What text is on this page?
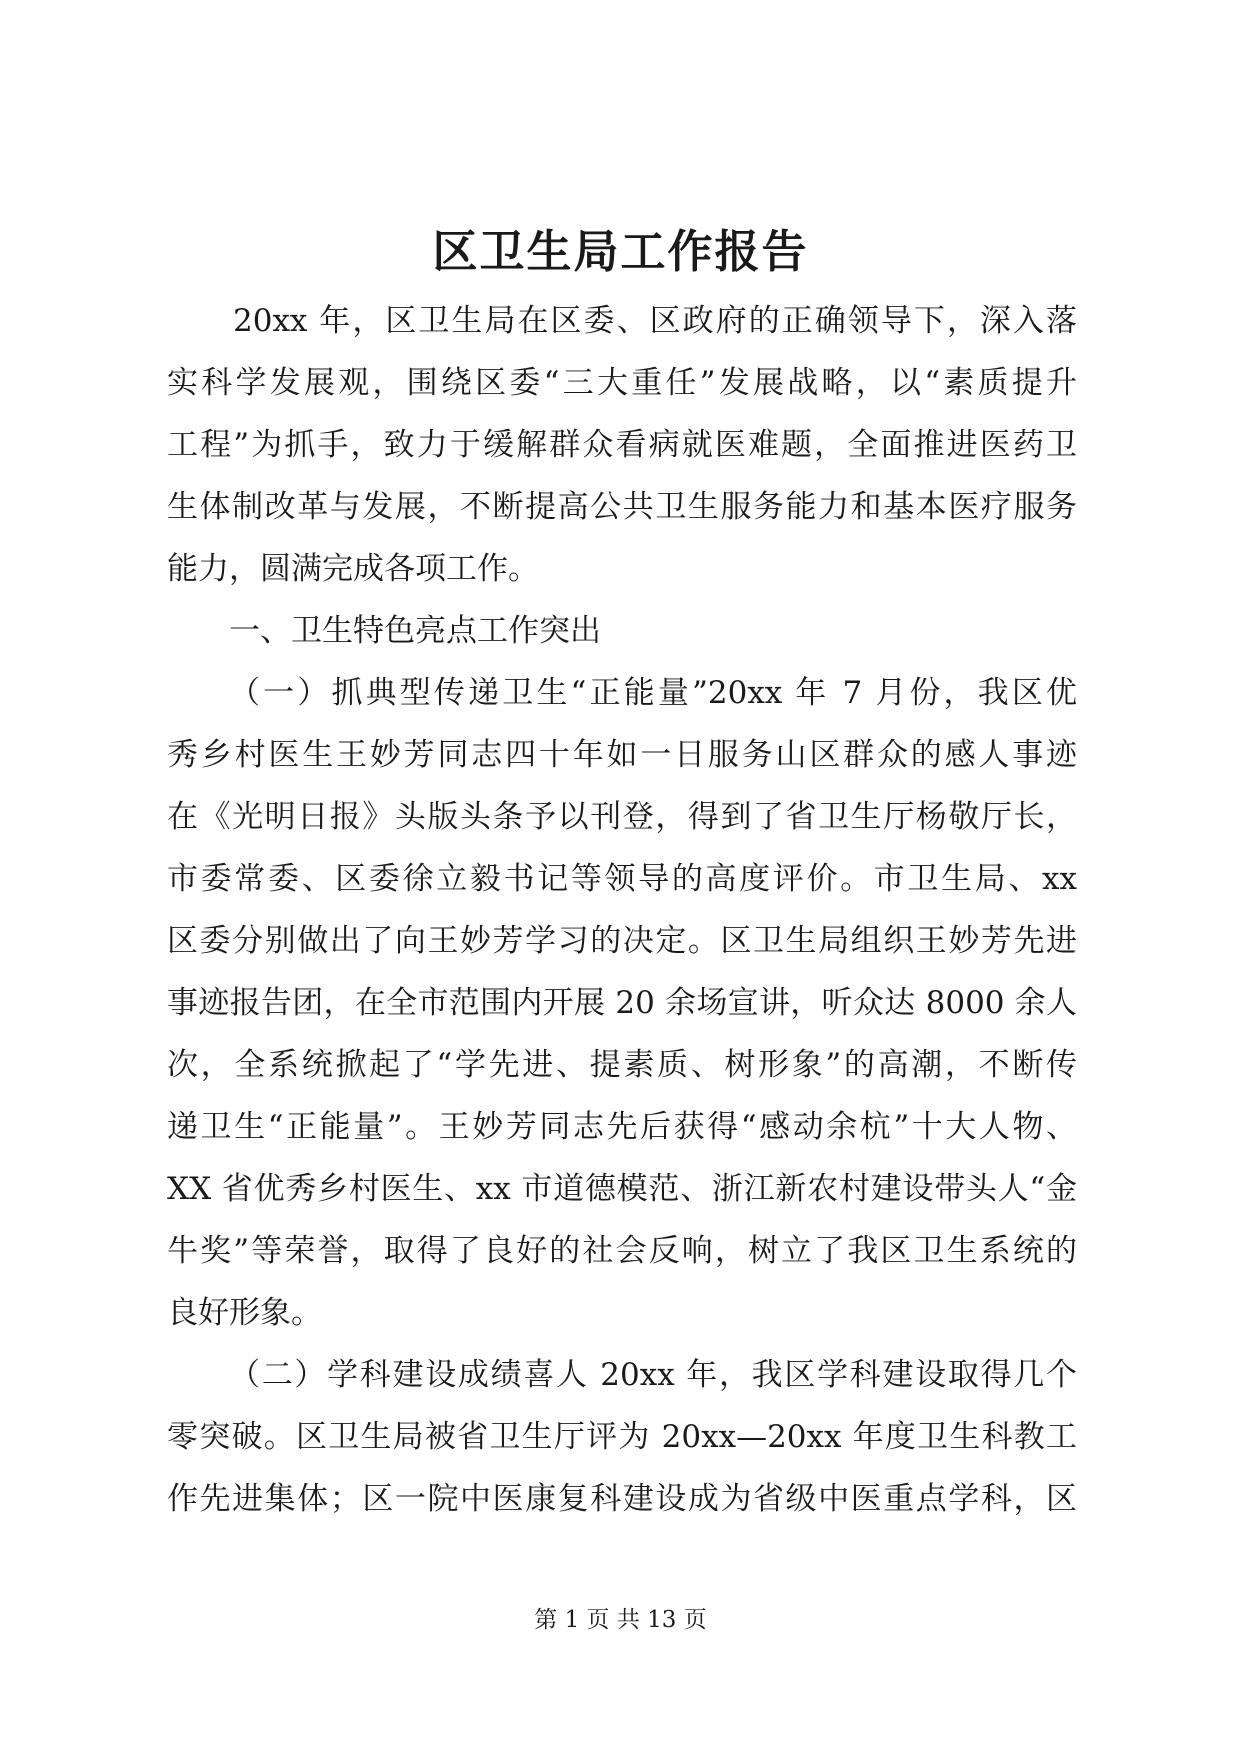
区卫生局工作报告
20xx 年，区卫生局在区委、区政府的正确领导下，深入落
实科学发展观，围绕区委“三大重任”发展战略，以“素质提升
工程”为抓手，致力于缓解群众看病就医难题，全面推进医药卫
生体制改革与发展，不断提高公共卫生服务能力和基本医疗服务
能力，圆满完成各项工作。
一、卫生特色亮点工作突出
（一）抓典型传递卫生“正能量”20xx 年 7 月份，我区优
秀乡村医生王妙芳同志四十年如一日服务山区群众的感人事迹
在《光明日报》头版头条予以刊登，得到了省卫生厅杨敬厅长，
市委常委、区委徐立毅书记等领导的高度评价。市卫生局、xx
区委分别做出了向王妙芳学习的决定。区卫生局组织王妙芳先进
事迹报告团，在全市范围内开展 20 余场宣讲，听众达 8000 余人
次，全系统掀起了“学先进、提素质、树形象”的高潮，不断传
递卫生“正能量”。王妙芳同志先后获得“感动余杭”十大人物、
XX 省优秀乡村医生、xx 市道德模范、浙江新农村建设带头人“金
牛奖”等荣誉，取得了良好的社会反响，树立了我区卫生系统的
良好形象。
（二）学科建设成绩喜人 20xx 年，我区学科建设取得几个
零突破。区卫生局被省卫生厅评为 20xx—20xx 年度卫生科教工
作先进集体；区一院中医康复科建设成为省级中医重点学科，区
第 1 页 共 13 页
